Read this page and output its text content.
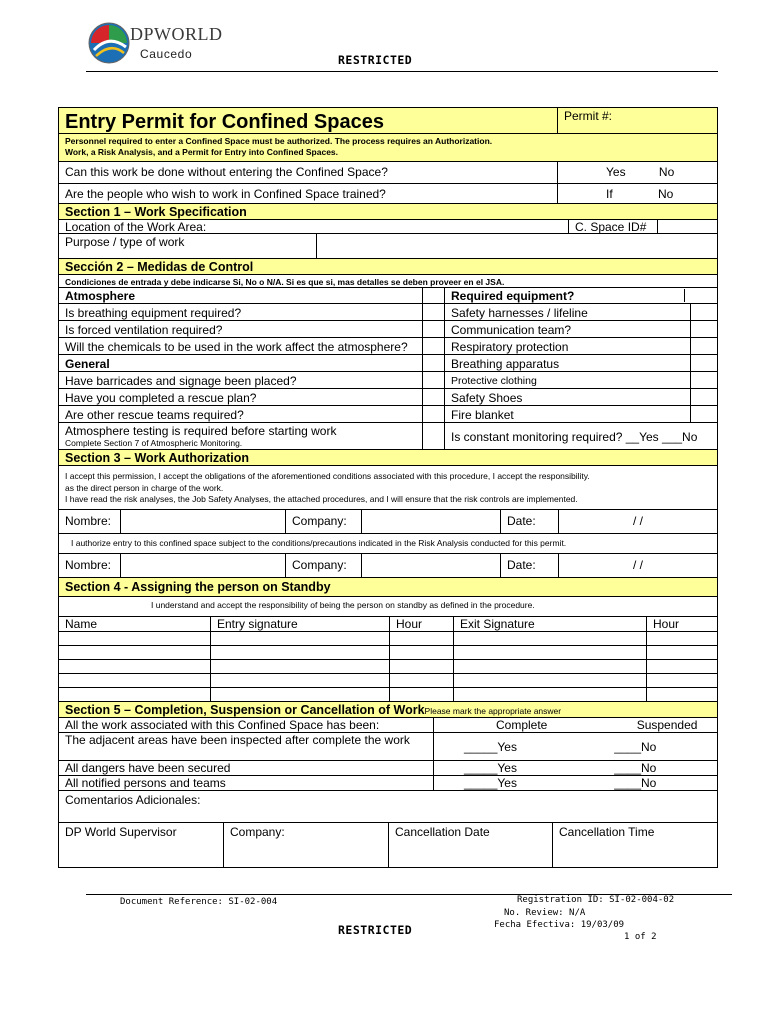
DPWORLD
Caucedo	RESTRICTED
Entry Permit for Confined Spaces	Permit #:
Personnel required to enter a Confined Space must be authorized. The process requires an Authorization.
Work, a Risk Analysis, and a Permit for Entry into Confined Spaces.
Can this work be done without entering the Confined Space?	Yes	No
Are the people who wish to work in Confined Space trained?	If	No
Section 1 – Work Specification
Location of the Work Area:	C. Space ID#
Purpose / type of work
Sección 2 – Medidas de Control
Condiciones de entrada y debe indicarse Si, No o N/A. Si es que si, mas detalles se deben proveer en el JSA.
Atmosphere	Required equipment?
Is breathing equipment required?	Safety harnesses / lifeline
Is forced ventilation required?	Communication team?
Will the chemicals to be used in the work affect the atmosphere?	Respiratory protection
General	Breathing apparatus
Have barricades and signage been placed?	Protective clothing
Have you completed a rescue plan?	Safety Shoes
Are other rescue teams required?	Fire blanket
Atmosphere testing is required before starting work
Complete Section 7 of Atmospheric Monitoring.	Is constant monitoring required? __Yes ___No
Section 3 – Work Authorization
I accept this permission, I accept the obligations of the aforementioned conditions associated with this procedure, I accept the responsibility.
as the direct person in charge of the work.
I have read the risk analyses, the Job Safety Analyses, the attached procedures, and I will ensure that the risk controls are implemented.
Nombre:	Company:	Date:	/ /
I authorize entry to this confined space subject to the conditions/precautions indicated in the Risk Analysis conducted for this permit.
Nombre:	Company:	Date:	/ /
Section 4 - Assigning the person on Standby
I understand and accept the responsibility of being the person on standby as defined in the procedure.
Name	Entry signature	Hour	Exit Signature	Hour
Section 5 – Completion, Suspension or Cancellation of WorkPlease mark the appropriate answer
All the work associated with this Confined Space has been:	Complete	Suspended
The adjacent areas have been inspected after complete the work	_____Yes	____No
All dangers have been secured	_____Yes	____No
All notified persons and teams	_____Yes	____No
Comentarios Adicionales:
DP World Supervisor	Company:	Cancellation Date	Cancellation Time
Document Reference: SI-02-004	Registration ID: SI-02-004-02
No. Review: N/A
Fecha Efectiva: 19/03/09
RESTRICTED	1 of 2
